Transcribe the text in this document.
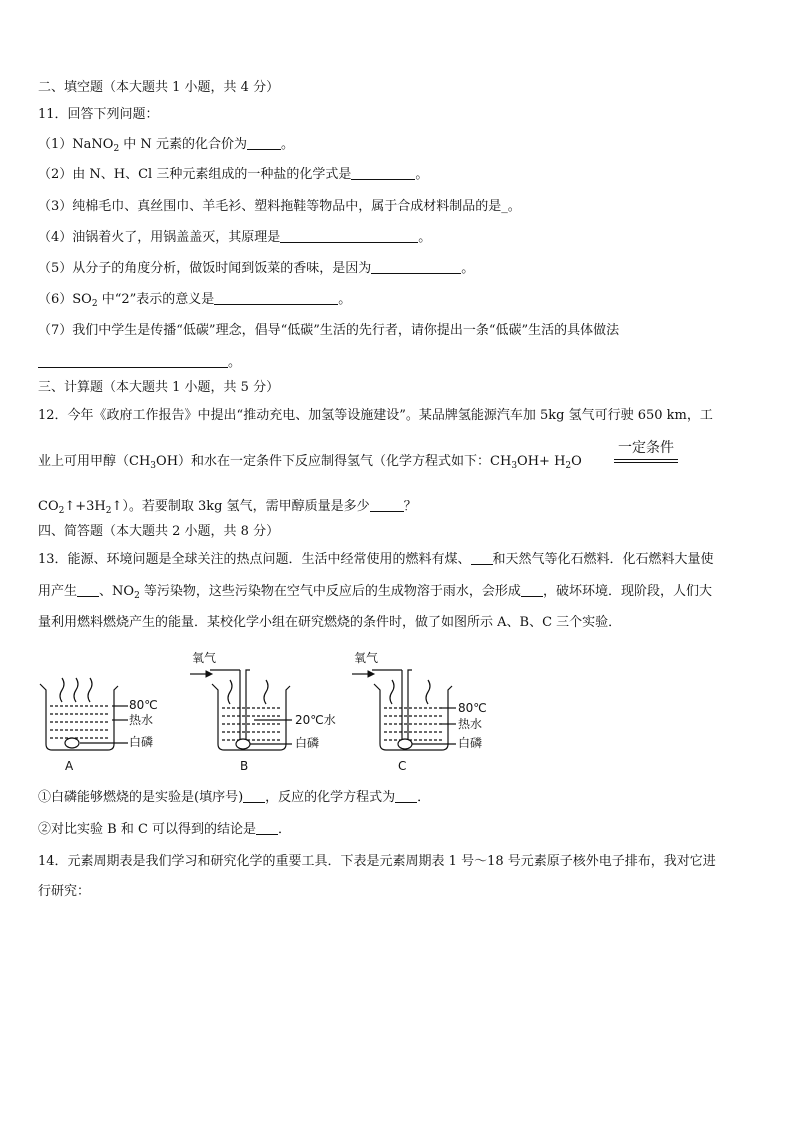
二、填空题（本大题共 1 小题，共 4 分）
11．回答下列问题：
（1）NaNO$_2$ 中 N 元素的化合价为	。
（2）由 N、H、Cl 三种元素组成的一种盐的化学式是	。
（3）纯棉毛巾、真丝围巾、羊毛衫、塑料拖鞋等物品中，属于合成材料制品的是_。
（4）油锅着火了，用锅盖盖灭，其原理是	。
（5）从分子的角度分析，做饭时闻到饭菜的香味，是因为	。
$(6)SO_2$ 中“2”表示的意义是	。
（7）我们中学生是传播“低碳”理念，倡导“低碳”生活的先行者，请你提出一条“低碳”生活的具体做法
。
三、计算题（本大题共 1 小题，共 5 分）
12．今年《政府工作报告》中提出“推动充电、加氢等设施建设”。某品牌氢能源汽车加 5kg 氢气可行驶 650 km，工
业上可用甲醇$(CH_3OH)$和水在一定条件下反应制得氢气（化学方程式如下：$CH_3OH+ H_2O$
一定条件
$CO_2↑+3H_2↑$）。若要制取 3kg 氢气，需甲醇质量是多少	？
四、简答题（本大题共 2 小题，共 8 分）
13．能源、环境问题是全球关注的热点问题．生活中经常使用的燃料有煤、 和天然气等化石燃料．化石燃料大量使
用产生 、$NO_2$ 等污染物，这些污染物在空气中反应后的生成物溶于雨水，会形成 ，破坏环境．现阶段，人们大
量利用燃料燃烧产生的能量．某校化学小组在研究燃烧的条件时，做了如图所示 A、B、C 三个实验．
80℃
热水
白磷
A
氧气
20℃水
白磷
B
氧气
80℃
热水
白磷
C
①白磷能够燃烧的是实验是(填序号) ，反应的化学方程式为 ．
②对比实验 B 和 C 可以得到的结论是 ．
14．元素周期表是我们学习和研究化学的重要工具．下表是元素周期表 1 号～18 号元素原子核外电子排布，我对它进
行研究：
